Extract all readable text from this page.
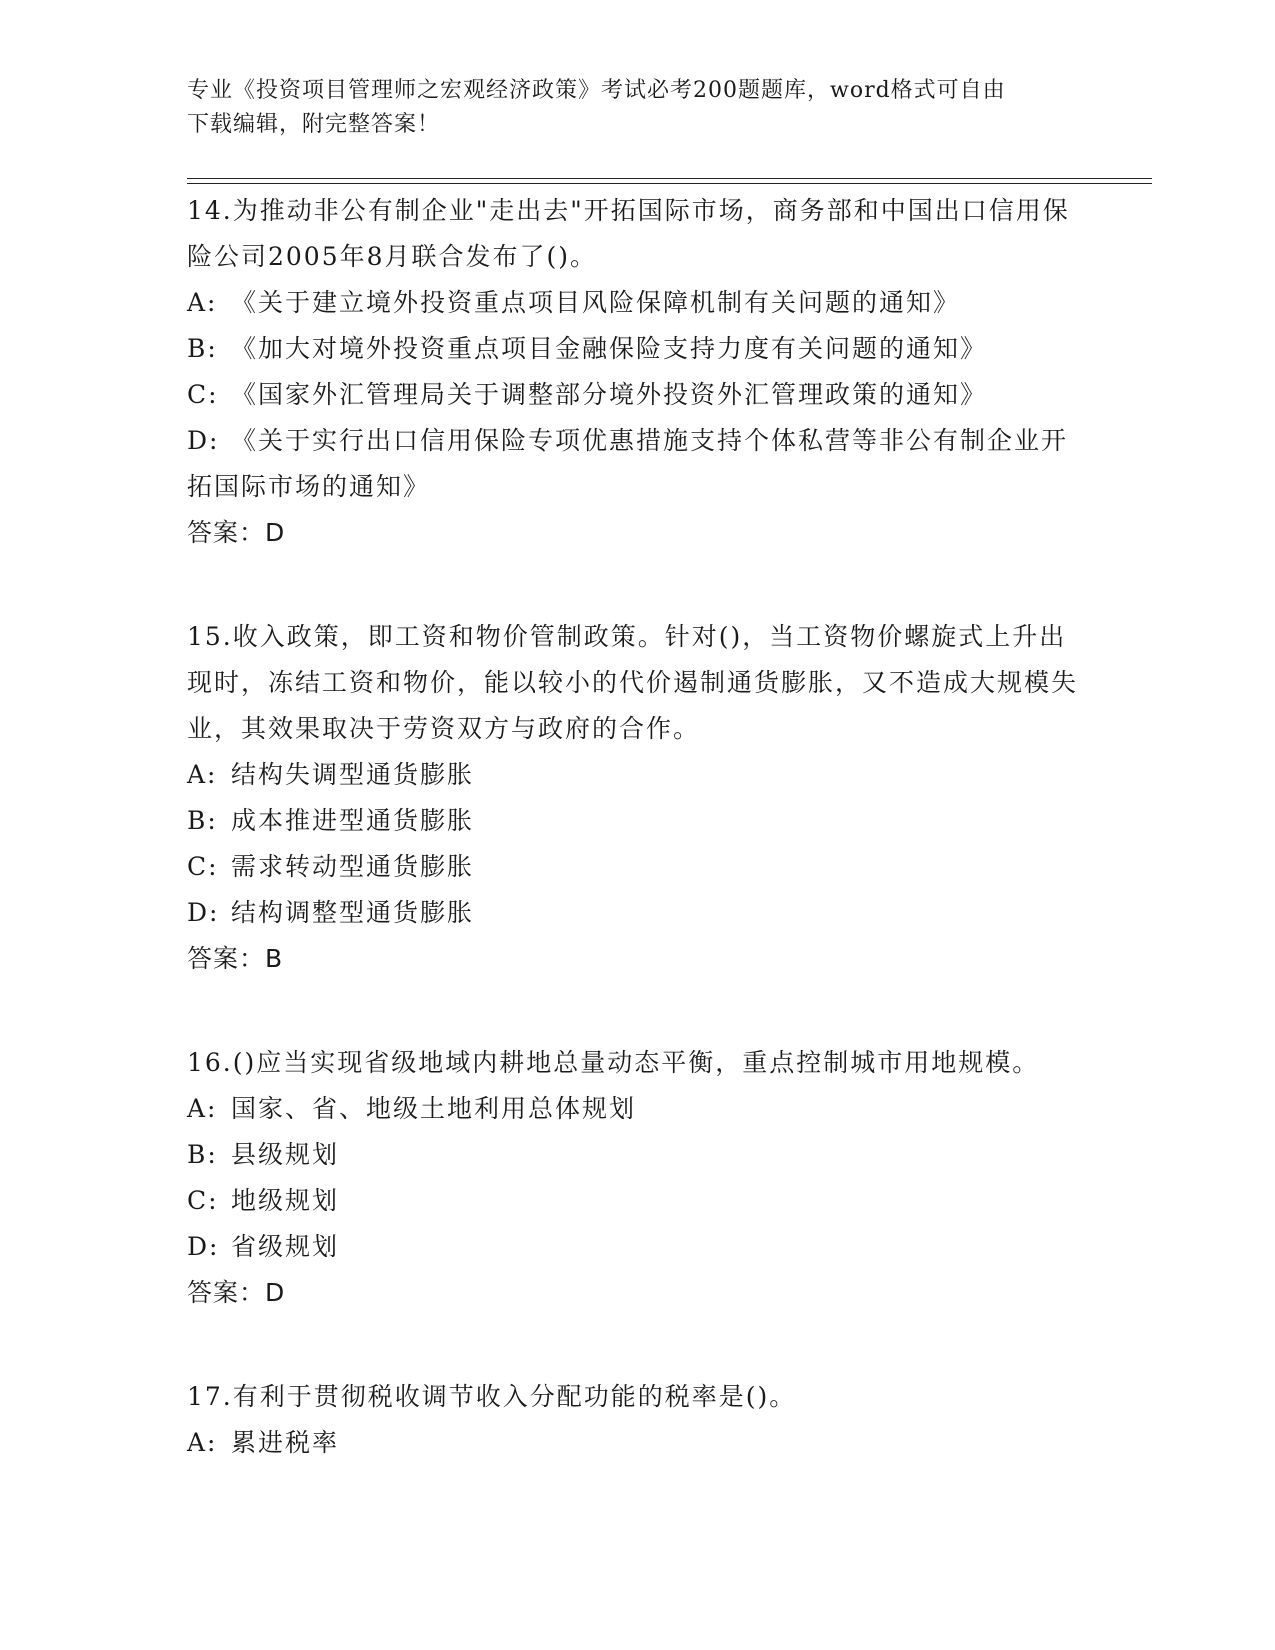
专业《投资项目管理师之宏观经济政策》考试必考200题题库，word格式可自由
下载编辑，附完整答案！
14.为推动非公有制企业"走出去"开拓国际市场，商务部和中国出口信用保险公司2005年8月联合发布了()。
A: 《关于建立境外投资重点项目风险保障机制有关问题的通知》
B: 《加大对境外投资重点项目金融保险支持力度有关问题的通知》
C: 《国家外汇管理局关于调整部分境外投资外汇管理政策的通知》
D: 《关于实行出口信用保险专项优惠措施支持个体私营等非公有制企业开拓国际市场的通知》
答案：D
15.收入政策，即工资和物价管制政策。针对()，当工资物价螺旋式上升出现时，冻结工资和物价，能以较小的代价遏制通货膨胀，又不造成大规模失业，其效果取决于劳资双方与政府的合作。
A: 结构失调型通货膨胀
B: 成本推进型通货膨胀
C: 需求转动型通货膨胀
D: 结构调整型通货膨胀
答案：B
16.()应当实现省级地域内耕地总量动态平衡，重点控制城市用地规模。
A: 国家、省、地级土地利用总体规划
B: 县级规划
C: 地级规划
D: 省级规划
答案：D
17.有利于贯彻税收调节收入分配功能的税率是()。
A: 累进税率
